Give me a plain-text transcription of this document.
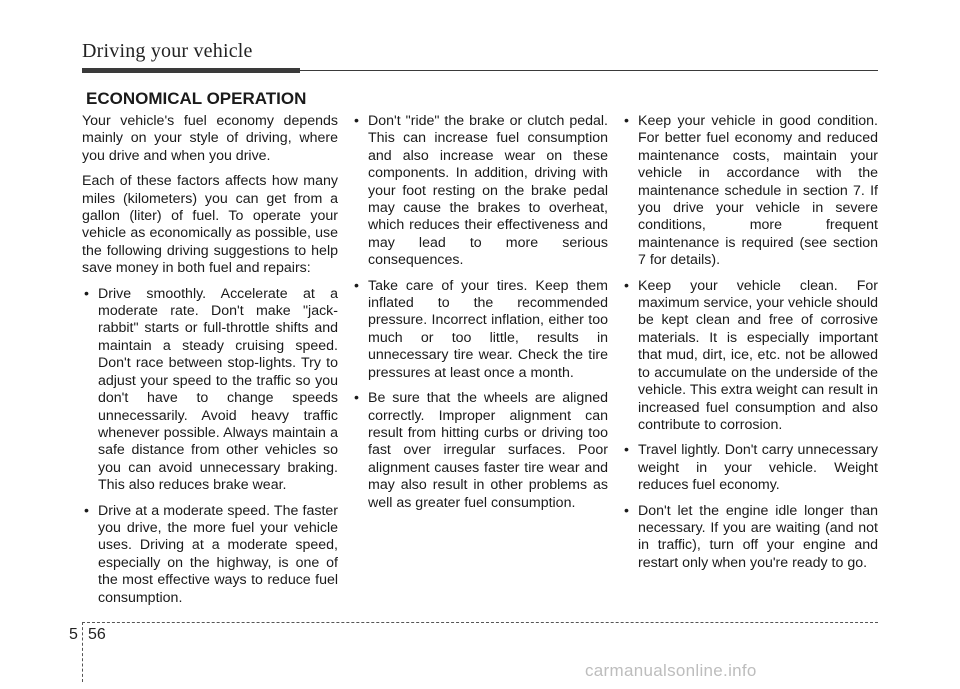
Driving your vehicle
ECONOMICAL OPERATION

Your vehicle's fuel economy depends mainly on your style of driving, where you drive and when you drive.

Each of these factors affects how many miles (kilometers) you can get from a gallon (liter) of fuel. To operate your vehicle as economically as possible, use the following driving suggestions to help save money in both fuel and repairs:

• Drive smoothly. Accelerate at a moderate rate. Don't make "jack-rabbit" starts or full-throttle shifts and maintain a steady cruising speed. Don't race between stop-lights. Try to adjust your speed to the traffic so you don't have to change speeds unnecessarily. Avoid heavy traffic whenever possible. Always maintain a safe distance from other vehicles so you can avoid unnecessary braking. This also reduces brake wear.
• Drive at a moderate speed. The faster you drive, the more fuel your vehicle uses. Driving at a moderate speed, especially on the highway, is one of the most effective ways to reduce fuel consumption.
• Don't "ride" the brake or clutch pedal. This can increase fuel consumption and also increase wear on these components. In addition, driving with your foot resting on the brake pedal may cause the brakes to overheat, which reduces their effectiveness and may lead to more serious consequences.
• Take care of your tires. Keep them inflated to the recommended pressure. Incorrect inflation, either too much or too little, results in unnecessary tire wear. Check the tire pressures at least once a month.
• Be sure that the wheels are aligned correctly. Improper alignment can result from hitting curbs or driving too fast over irregular surfaces. Poor alignment causes faster tire wear and may also result in other problems as well as greater fuel consumption.
• Keep your vehicle in good condition. For better fuel economy and reduced maintenance costs, maintain your vehicle in accordance with the maintenance schedule in section 7. If you drive your vehicle in severe conditions, more frequent maintenance is required (see section 7 for details).
• Keep your vehicle clean. For maximum service, your vehicle should be kept clean and free of corrosive materials. It is especially important that mud, dirt, ice, etc. not be allowed to accumulate on the underside of the vehicle. This extra weight can result in increased fuel consumption and also contribute to corrosion.
• Travel lightly. Don't carry unnecessary weight in your vehicle. Weight reduces fuel economy.
• Don't let the engine idle longer than necessary. If you are waiting (and not in traffic), turn off your engine and restart only when you're ready to go.
5 56
carmanualsonline.info
